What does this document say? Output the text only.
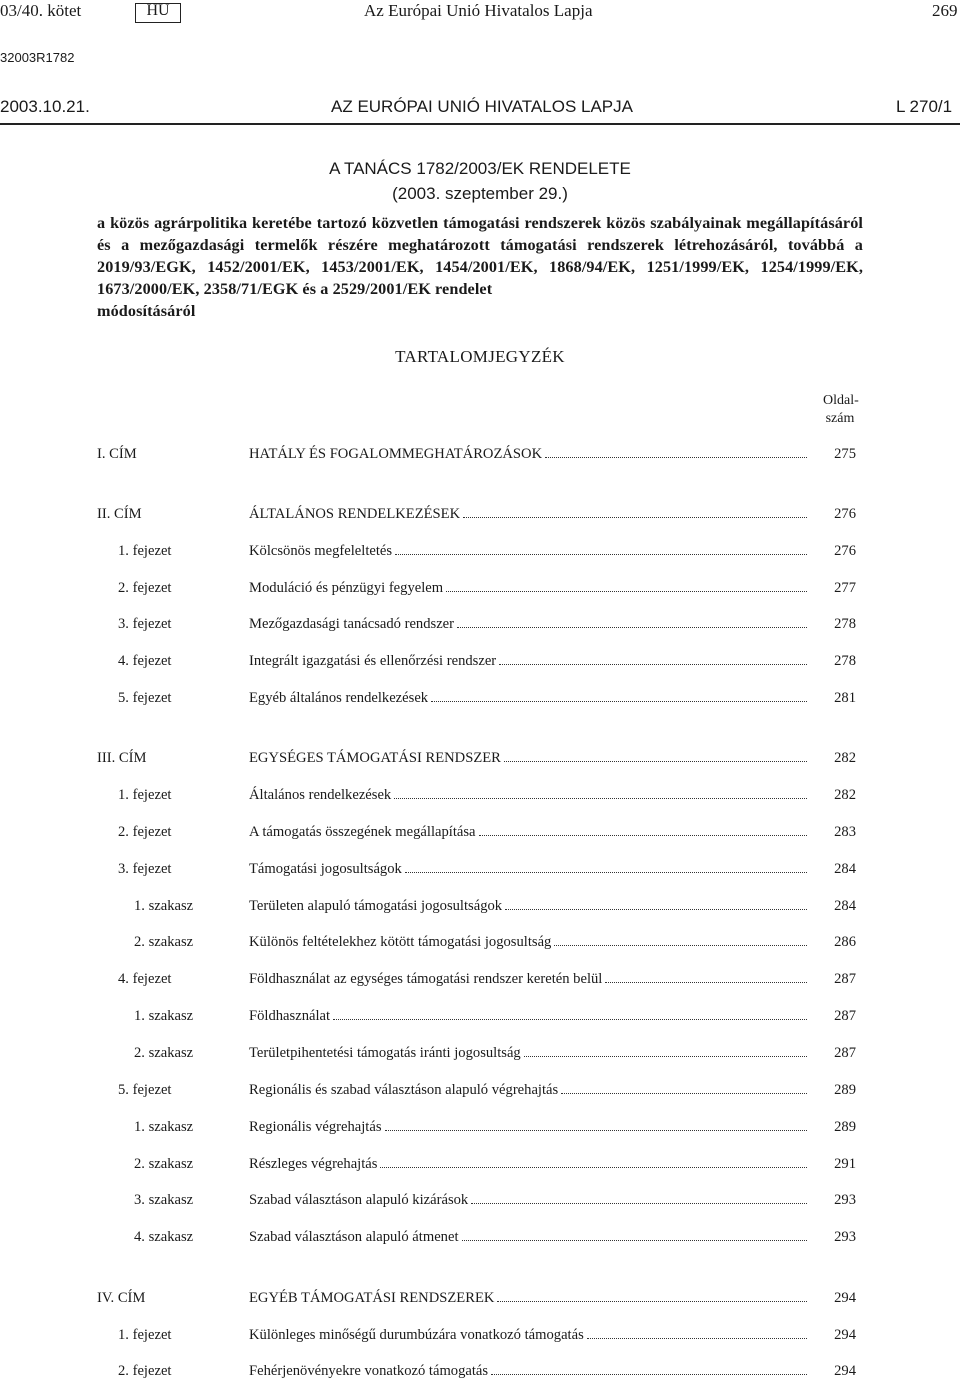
03/40. kötet	HU	Az Európai Unió Hivatalos Lapja	269
32003R1782
2003.10.21.	AZ EURÓPAI UNIÓ HIVATALOS LAPJA	L 270/1
A TANÁCS 1782/2003/EK RENDELETE
(2003. szeptember 29.)
a közös agrárpolitika keretébe tartozó közvetlen támogatási rendszerek közös szabályainak megállapításáról és a mezőgazdasági termelők részére meghatározott támogatási rendszerek létrehozásáról, továbbá a 2019/93/EGK, 1452/2001/EK, 1453/2001/EK, 1454/2001/EK, 1868/94/EK, 1251/1999/EK, 1254/1999/EK, 1673/2000/EK, 2358/71/EGK és a 2529/2001/EK rendelet
módosításáról
TARTALOMJEGYZÉK
Oldal- szám
I. CÍM	HATÁLY ÉS FOGALOMMEGHATÁROZÁSOK	275
II. CÍM	ÁLTALÁNOS RENDELKEZÉSEK	276
1. fejezet	Kölcsönös megfeleltetés	276
2. fejezet	Moduláció és pénzügyi fegyelem	277
3. fejezet	Mezőgazdasági tanácsadó rendszer	278
4. fejezet	Integrált igazgatási és ellenőrzési rendszer	278
5. fejezet	Egyéb általános rendelkezések	281
III. CÍM	EGYSÉGES TÁMOGATÁSI RENDSZER	282
1. fejezet	Általános rendelkezések	282
2. fejezet	A támogatás összegének megállapítása	283
3. fejezet	Támogatási jogosultságok	284
1. szakasz	Területen alapuló támogatási jogosultságok	284
2. szakasz	Különös feltételekhez kötött támogatási jogosultság	286
4. fejezet	Földhasználat az egységes támogatási rendszer keretén belül	287
1. szakasz	Földhasználat	287
2. szakasz	Területpihentetési támogatás iránti jogosultság	287
5. fejezet	Regionális és szabad választáson alapuló végrehajtás	289
1. szakasz	Regionális végrehajtás	289
2. szakasz	Részleges végrehajtás	291
3. szakasz	Szabad választáson alapuló kizárások	293
4. szakasz	Szabad választáson alapuló átmenet	293
IV. CÍM	EGYÉB TÁMOGATÁSI RENDSZEREK	294
1. fejezet	Különleges minőségű durumbúzára vonatkozó támogatás	294
2. fejezet	Fehérjenövényekre vonatkozó támogatás	294
